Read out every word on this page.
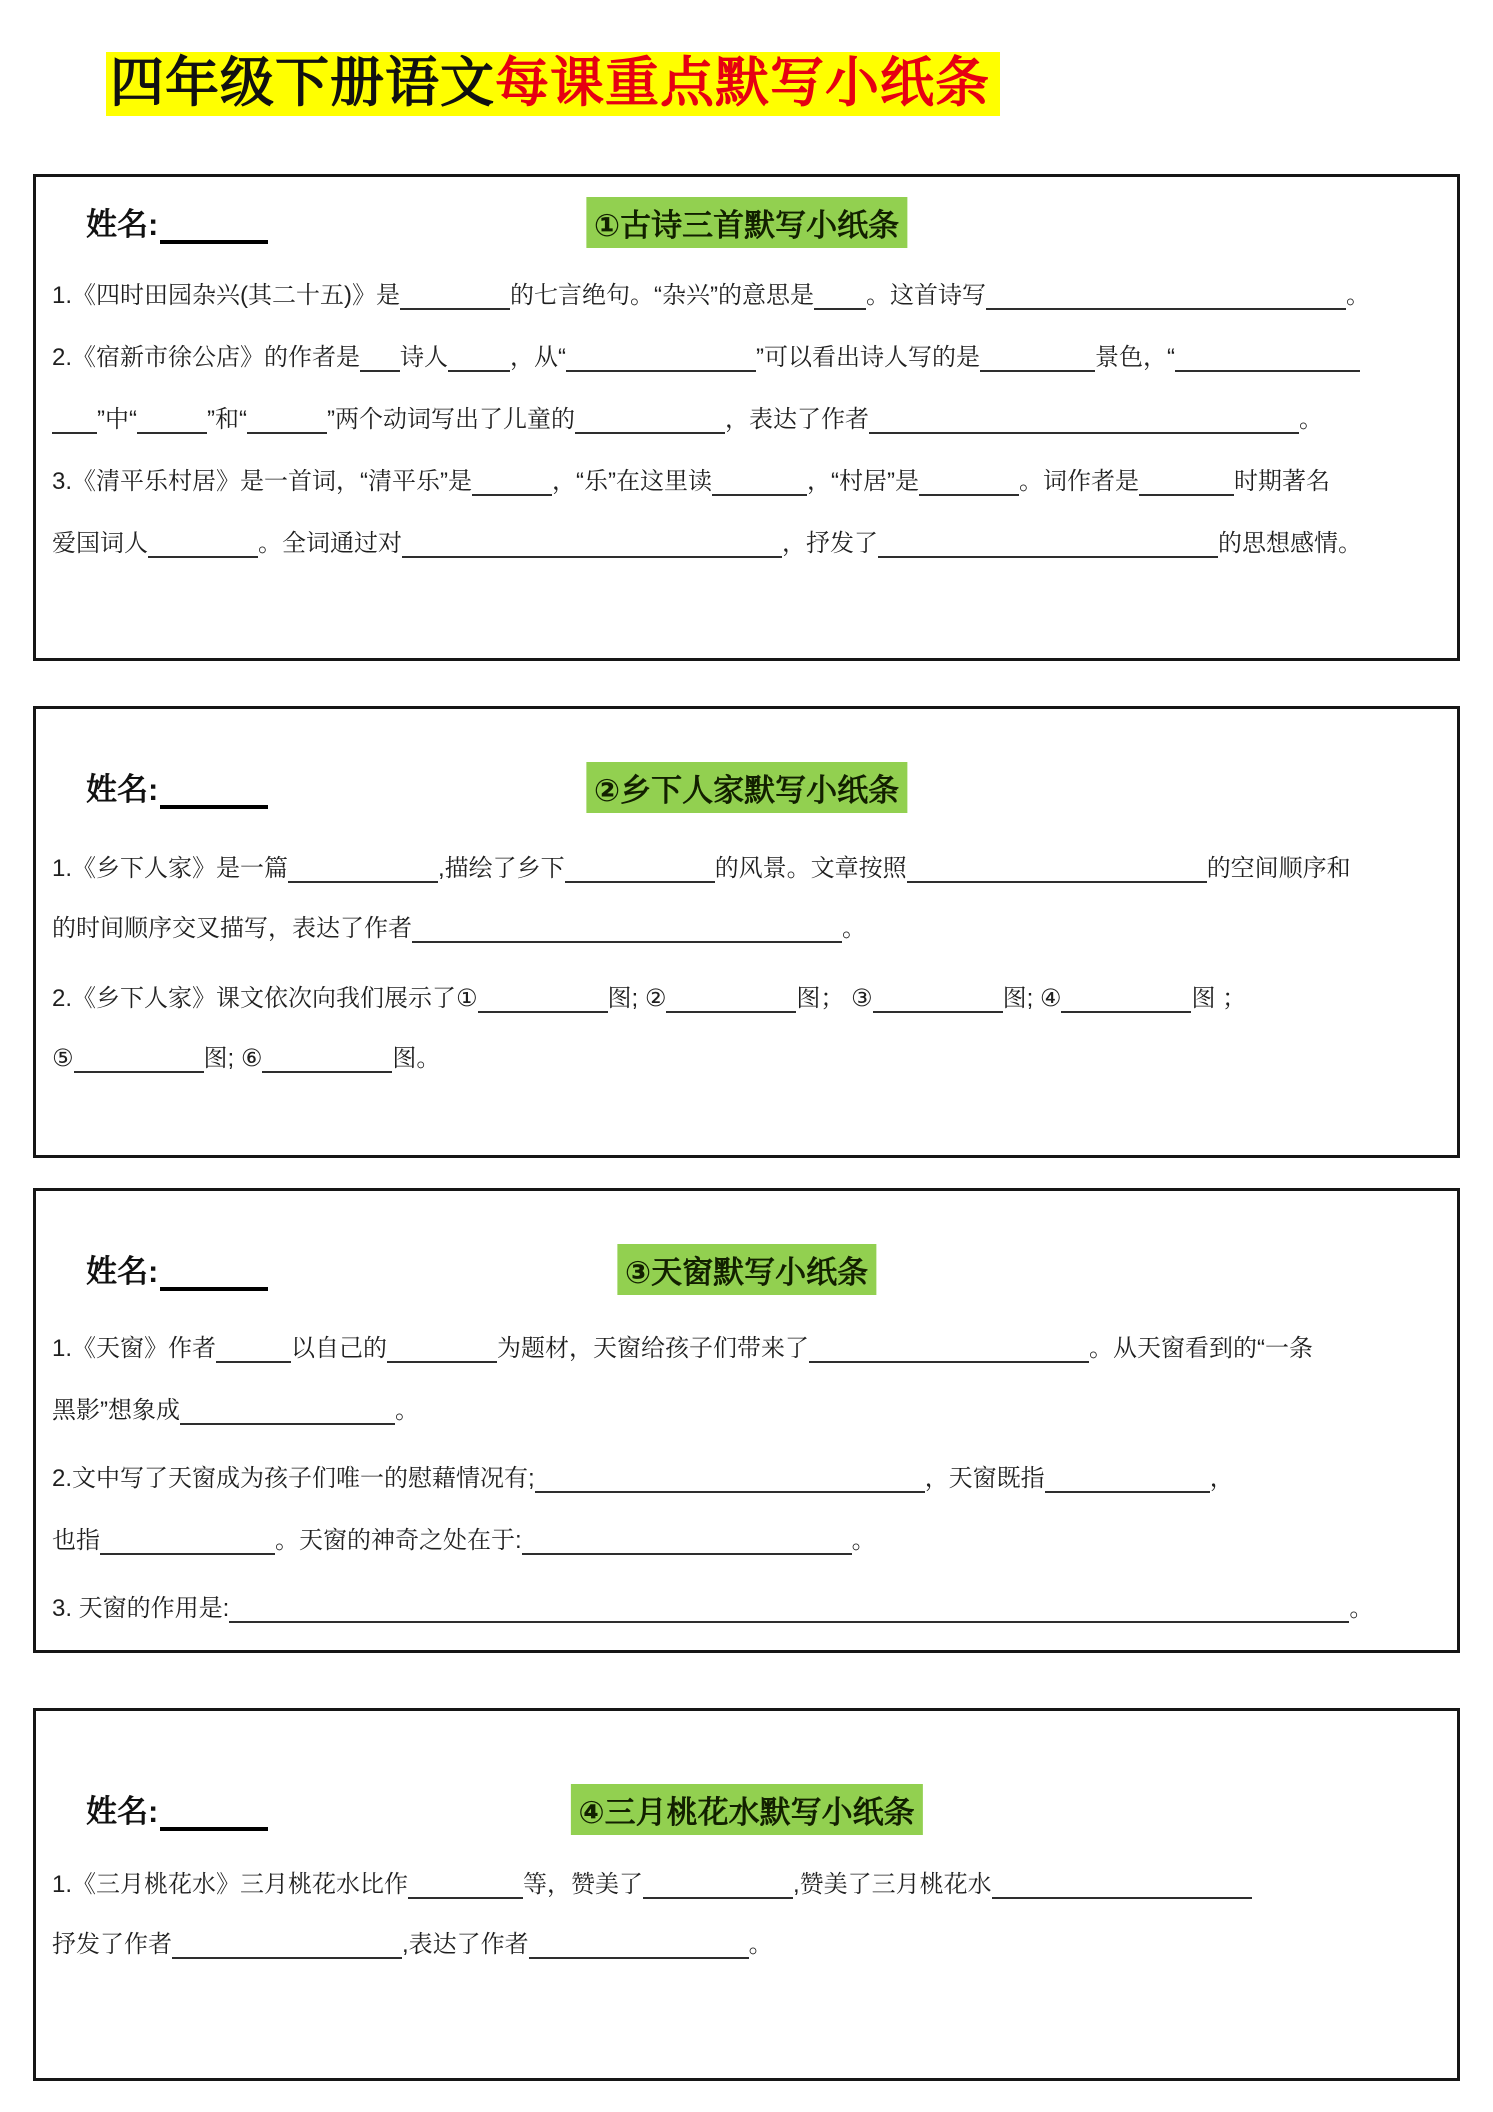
四年级下册语文每课重点默写小纸条
姓名:	①古诗三首默写小纸条
1.《四时田园杂兴(其二十五)》是	的七言绝句。“杂兴”的意思是 。这首诗写	。
2.《宿新市徐公店》的作者是 诗人	，从“	”可以看出诗人写的是	景色，“
”中“	”和“	”两个动词写出了儿童的	，表达了作者	。
3.《清平乐村居》是一首词，“清平乐”是	，“乐”在这里读	，“村居”是	。词作者是	时期著名
爱国词人	。全词通过对	，抒发了	的思想感情。
姓名:	②乡下人家默写小纸条
1.《乡下人家》是一篇	,描绘了乡下	的风景。文章按照	的空间顺序和
的时间顺序交叉描写，表达了作者	。
2.《乡下人家》课文依次向我们展示了①	图; ②	图； ③	图; ④	图 ；
⑤	图; ⑥	图。
姓名:	③天窗默写小纸条
1.《天窗》作者	以自己的	为题材，天窗给孩子们带来了	。从天窗看到的“一条
黑影”想象成	。
2.文中写了天窗成为孩子们唯一的慰藉情况有;	，天窗既指	，
也指	。天窗的神奇之处在于:	。
3. 天窗的作用是:	。
姓名:	④三月桃花水默写小纸条
1.《三月桃花水》三月桃花水比作	等，赞美了	,赞美了三月桃花水
抒发了作者	,表达了作者	。
